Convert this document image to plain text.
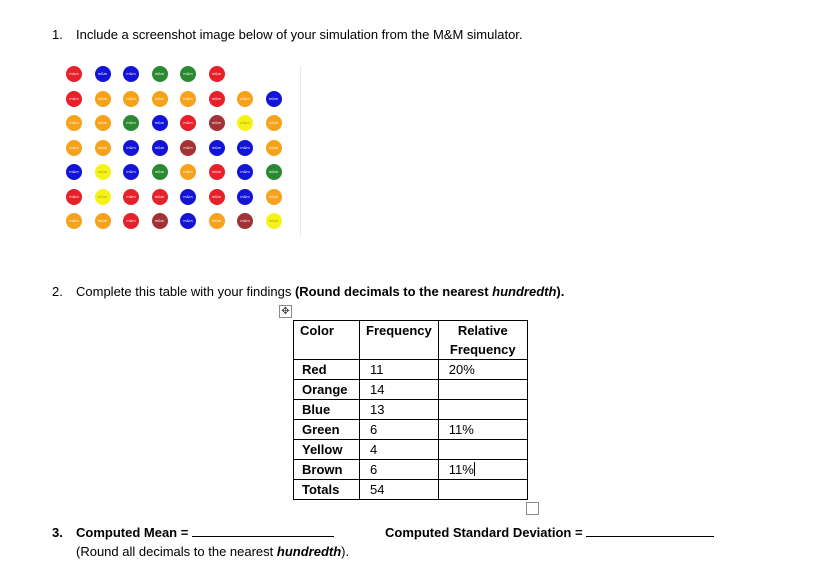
1. Include a screenshot image below of your simulation from the M&M simulator.
m&m	m&m	m&m	m&m	m&m	m&m
m&m	m&m	m&m	m&m	m&m	m&m	m&m	m&m
m&m	m&m	m&m	m&m	m&m	m&m	m&m	m&m
m&m	m&m	m&m	m&m	m&m	m&m	m&m	m&m
m&m	m&m	m&m	m&m	m&m	m&m	m&m	m&m
m&m	m&m	m&m	m&m	m&m	m&m	m&m	m&m
m&m	m&m	m&m	m&m	m&m	m&m	m&m	m&m
2. Complete this table with your findings (Round decimals to the nearest hundredth).
✥
Color	Frequency	Relative
Frequency
Red	11	20%
Orange	14	
Blue	13	
Green	6	11%
Yellow	4	
Brown	6	11%
Totals	54	
3. Computed Mean =
(Round all decimals to the nearest hundredth).
Computed Standard Deviation =
